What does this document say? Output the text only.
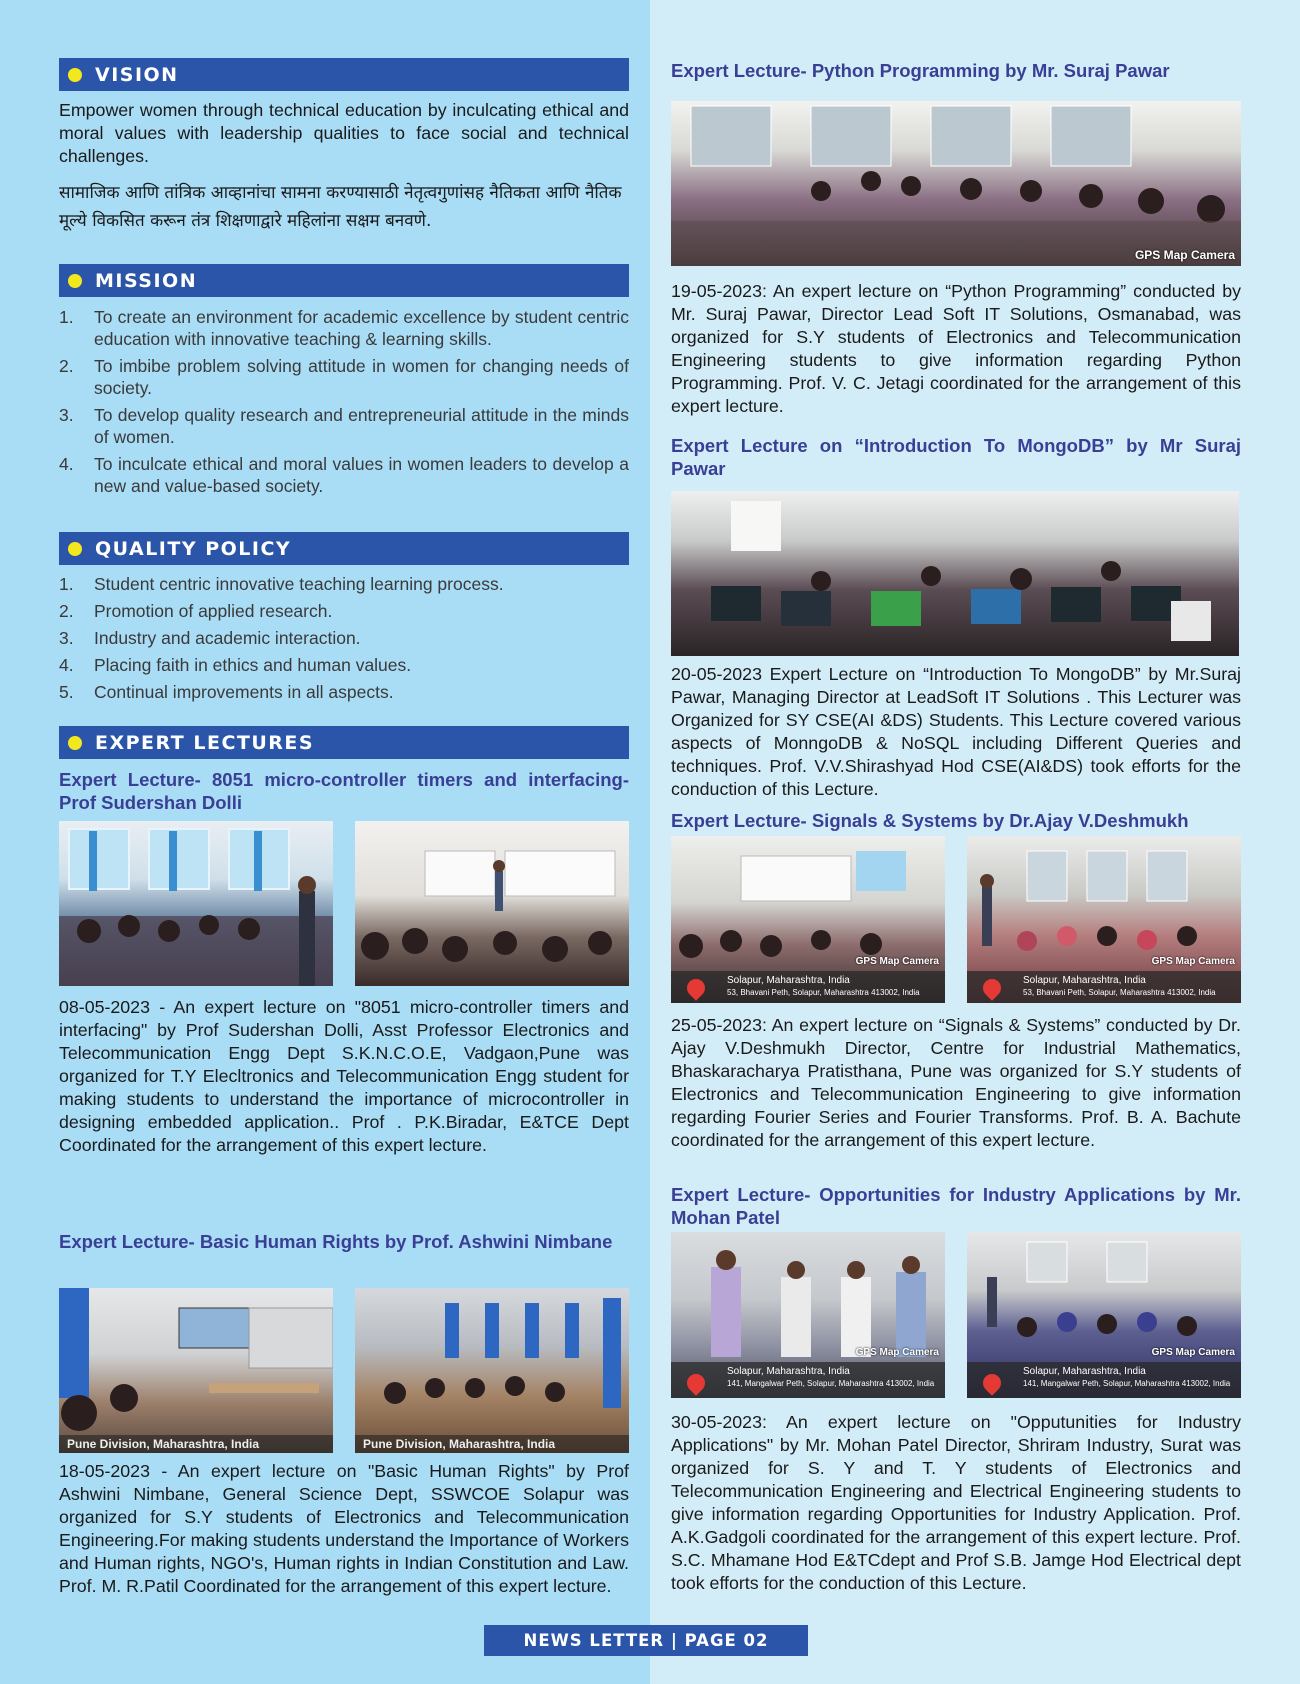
VISION
Empower women through technical education by inculcating ethical and moral values with leadership qualities to face social and technical challenges.
सामाजिक आणि तांत्रिक आव्हानांचा सामना करण्यासाठी नेतृत्वगुणांसह नैतिकता आणि नैतिक मूल्ये विकसित करून तंत्र शिक्षणाद्वारे महिलांना सक्षम बनवणे.
MISSION
1. To create an environment for academic excellence by student centric education with innovative teaching & learning skills.
2. To imbibe problem solving attitude in women for changing needs of society.
3. To develop quality research and entrepreneurial attitude in the minds of women.
4. To inculcate ethical and moral values in women leaders to develop a new and value-based society.
QUALITY POLICY
1. Student centric innovative teaching learning process.
2. Promotion of applied research.
3. Industry and academic interaction.
4. Placing faith in ethics and human values.
5. Continual improvements in all aspects.
EXPERT LECTURES
Expert Lecture- 8051 micro-controller timers and interfacing- Prof Sudershan Dolli
08-05-2023 - An expert lecture on "8051 micro-controller timers and interfacing" by Prof Sudershan Dolli, Asst Professor Electronics and Telecommunication Engg Dept S.K.N.C.O.E, Vadgaon,Pune was organized for T.Y Elecltronics and Telecommunication Engg student for making students to understand the importance of microcontroller in designing embedded application.. Prof . P.K.Biradar, E&TCE Dept Coordinated for the arrangement of this expert lecture.
Expert Lecture- Basic Human Rights by Prof. Ashwini Nimbane
Pune Division, Maharashtra, India	Pune Division, Maharashtra, India
18-05-2023 - An expert lecture on "Basic Human Rights" by Prof Ashwini Nimbane, General Science Dept, SSWCOE Solapur was organized for S.Y students of Electronics and Telecommunication Engineering.For making students understand the Importance of Workers and Human rights, NGO's, Human rights in Indian Constitution and Law. Prof. M. R.Patil Coordinated for the arrangement of this expert lecture.
Expert Lecture- Python Programming by Mr. Suraj Pawar
GPS Map Camera
19-05-2023: An expert lecture on “Python Programming” conducted by Mr. Suraj Pawar, Director Lead Soft IT Solutions, Osmanabad, was organized for S.Y students of Electronics and Telecommunication Engineering students to give information regarding Python Programming. Prof. V. C. Jetagi coordinated for the arrangement of this expert lecture.
Expert Lecture on “Introduction To MongoDB” by Mr Suraj Pawar
20-05-2023 Expert Lecture on “Introduction To MongoDB” by Mr.Suraj Pawar, Managing Director at LeadSoft IT Solutions . This Lecturer was Organized for SY CSE(AI &DS) Students. This Lecture covered various aspects of MonngoDB & NoSQL including Different Queries and techniques. Prof. V.V.Shirashyad Hod CSE(AI&DS) took efforts for the conduction of this Lecture.
Expert Lecture- Signals & Systems by Dr.Ajay V.Deshmukh
GPS Map Camera
Solapur, Maharashtra, India
53, Bhavani Peth, Solapur, Maharashtra 413002, India
GPS Map Camera
Solapur, Maharashtra, India
53, Bhavani Peth, Solapur, Maharashtra 413002, India
25-05-2023: An expert lecture on “Signals & Systems” conducted by Dr. Ajay V.Deshmukh Director, Centre for Industrial Mathematics, Bhaskaracharya Pratisthana, Pune was organized for S.Y students of Electronics and Telecommunication Engineering to give information regarding Fourier Series and Fourier Transforms. Prof. B. A. Bachute coordinated for the arrangement of this expert lecture.
Expert Lecture- Opportunities for Industry Applications by Mr. Mohan Patel
GPS Map Camera
Solapur, Maharashtra, India
141, Mangalwar Peth, Solapur, Maharashtra 413002, India
GPS Map Camera
Solapur, Maharashtra, India
141, Mangalwar Peth, Solapur, Maharashtra 413002, India
30-05-2023: An expert lecture on "Opputunities for Industry Applications" by Mr. Mohan Patel Director, Shriram Industry, Surat was organized for S. Y and T. Y students of Electronics and Telecommunication Engineering and Electrical Engineering students to give information regarding Opportunities for Industry Application. Prof. A.K.Gadgoli coordinated for the arrangement of this expert lecture. Prof. S.C. Mhamane Hod E&TCdept and Prof S.B. Jamge Hod Electrical dept took efforts for the conduction of this Lecture.
NEWS LETTER | PAGE 02
